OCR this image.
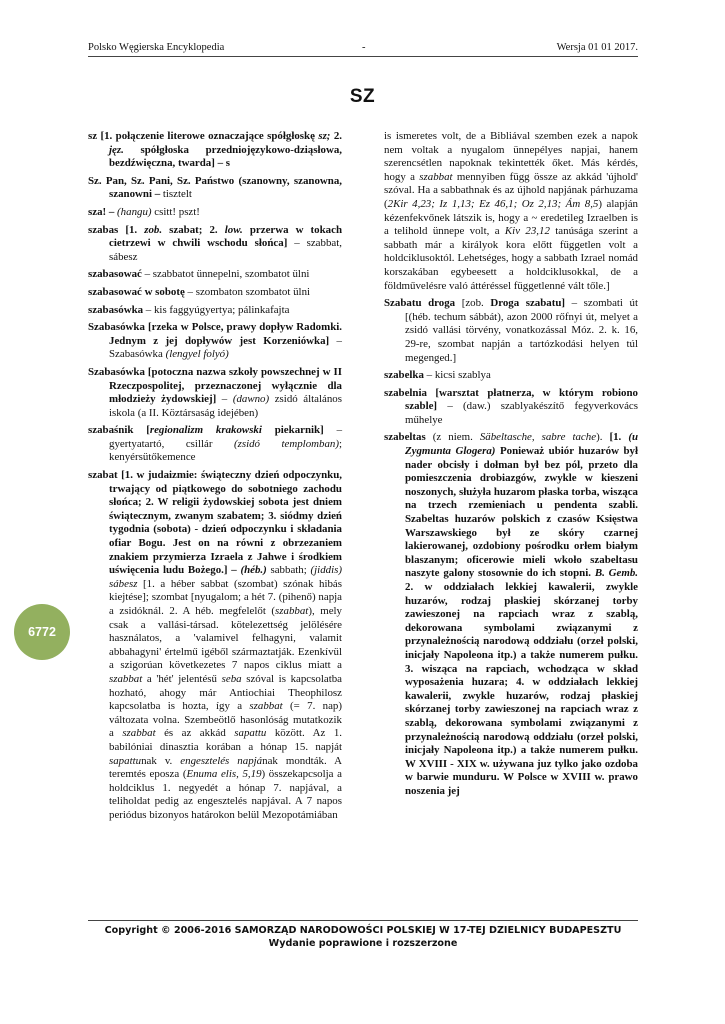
Polsko Węgierska Encyklopedia	-	Wersja 01 01 2017.
SZ
6772

sz [1. połączenie literowe oznaczające spółgłoskę sz; 2. jęz. spółgłoska przedniojęzykowo-dziąsłowa, bezdźwięczna, twarda] – s

Sz. Pan, Sz. Pani, Sz. Państwo (szanowny, szanowna, szanowni – tisztelt

sza! – (hangu) csitt! pszt!

szabas [1. zob. szabat; 2. low. przerwa w tokach cietrzewi w chwili wschodu słońca] – szabbat, sábesz

szabasować – szabbatot ünnepelni, szombatot ülni

szabasować w sobotę – szombaton szombatot ülni

szabasówka – kis faggyúgyertya; pálinkafajta

Szabasówka [rzeka w Polsce, prawy dopływ Radomki. Jednym z jej dopływów jest Korzeniówka] – Szabasówka (lengyel folyó)

Szabasówka [potoczna nazwa szkoły powszechnej w II Rzeczpospolitej, przeznaczonej wyłącznie dla młodzieży żydowskiej] – (dawno) zsidó általános iskola (a II. Köztársaság idejében)

szabaśnik [regionalizm krakowski piekarnik] – gyertyatartó, csillár (zsidó templomban); kenyérsütőkemence

szabat [1. w judaizmie: świąteczny dzień odpoczynku, trwający od piątkowego do sobotniego zachodu słońca; 2. W religii żydowskiej sobota jest dniem świątecznym, zwanym szabatem; 3. siódmy dzień tygodnia (sobota) - dzień odpoczynku i składania ofiar Bogu. Jest on na równi z obrzezaniem znakiem przymierza Izraela z Jahwe i środkiem uświęcenia ludu Bożego.] – (héb.) sabbath; (jiddis) sábesz [1. a héber sabbat (szombat) szónak hibás kiejtése]; szombat [nyugalom; a hét 7. (pihenő) napja a zsidóknál. 2. A héb. megfelelőt (szabbat), mely csak a vallási-társad. kötelezettség jelölésére használatos, a 'valamivel felhagyni, valamit abbahagyni' értelmű igéből származtatják. Ezenkívül a szigorúan következetes 7 napos ciklus miatt a szabbat a 'hét' jelentésű seba szóval is kapcsolatba hozható, ahogy már Antiochiai Theophilosz kapcsolatba is hozta, így a szabbat (= 7. nap) változata volna. Szembeötlő hasonlóság mutatkozik a szabbat és az akkád sapattu között. Az 1. babilóniai dinasztia korában a hónap 15. napját sapattunak v. engesztelés napjának mondták. A teremtés eposza (Enuma elis, 5,19) összekapcsolja a holdciklus 1. negyedét a hónap 7. napjával, a teliholdat pedig az engesztelés napjával. A 7 napos periódus bizonyos határokon belül Mezopotámiában

is ismeretes volt, de a Bibliával szemben ezek a napok nem voltak a nyugalom ünnepélyes napjai, hanem szerencsétlen napoknak tekintették őket. Más kérdés, hogy a szabbat mennyiben függ össze az akkád 'újhold' szóval. Ha a sabbathnak és az újhold napjának párhuzama (2Kir 4,23; Iz 1,13; Ez 46,1; Oz 2,13; Ám 8,5) alapján kézenfekvőnek látszik is, hogy a ~ eredetileg Izraelben is a telihold ünnepe volt, a Kiv 23,12 tanúsága szerint a sabbath már a királyok kora előtt független volt a holdciklusoktól. Lehetséges, hogy a sabbath Izrael nomád korszakában egybeesett a holdciklusokkal, de a földművelésre való áttéréssel függetlenné vált tőle.]

Szabatu droga [zob. Droga szabatu] – szombati út [(héb. techum sábbát), azon 2000 rőfnyi út, melyet a zsidó vallási törvény, vonatkozással Móz. 2. k. 16, 29-re, szombat napján a tartózkodási helyen túl megenged.]

szabelka – kicsi szablya

szabelnia [warsztat płatnerza, w którym robiono szable] – (daw.) szablyakészítő fegyverkovács műhelye

szabeltas (z niem. Säbeltasche, sabre tache). [1. (u Zygmunta Glogera) Ponieważ ubiór huzarów był nader obcisły i dołman był bez pól, przeto dla pomieszczenia drobiazgów, zwykle w kieszeni noszonych, służyła huzarom płaska torba, wisząca na trzech rzemieniach u pendenta szabli. Szabeltas huzarów polskich z czasów Księstwa Warszawskiego był ze skóry czarnej lakierowanej, ozdobiony pośrodku orłem białym blaszanym; oficerowie mieli wkoło szabeltasu naszyte galony stosownie do ich stopni. B. Gemb. 2. w oddziałach lekkiej kawalerii, zwykle huzarów, rodzaj płaskiej skórzanej torby zawieszonej na rapciach wraz z szablą, dekorowana symbolami związanymi z przynależnością narodową oddziału (orzeł polski, inicjały Napoleona itp.) a także numerem pułku. 3. wisząca na rapciach, wchodząca w skład wyposażenia huzara; 4. w oddziałach lekkiej kawalerii, zwykle huzarów, rodzaj płaskiej skórzanej torby zawieszonej na rapciach wraz z szablą, dekorowana symbolami związanymi z przynależnością narodową oddziału (orzeł polski, inicjały Napoleona itp.) a także numerem pułku. W XVIII - XIX w. używana juz tylko jako ozdoba w barwie munduru. W Polsce w XVIII w. prawo noszenia jej

Copyright © 2006-2016 SAMORZĄD NARODOWOŚCI POLSKIEJ W 17-TEJ DZIELNICY BUDAPESZTU
Wydanie poprawione i rozszerzone
